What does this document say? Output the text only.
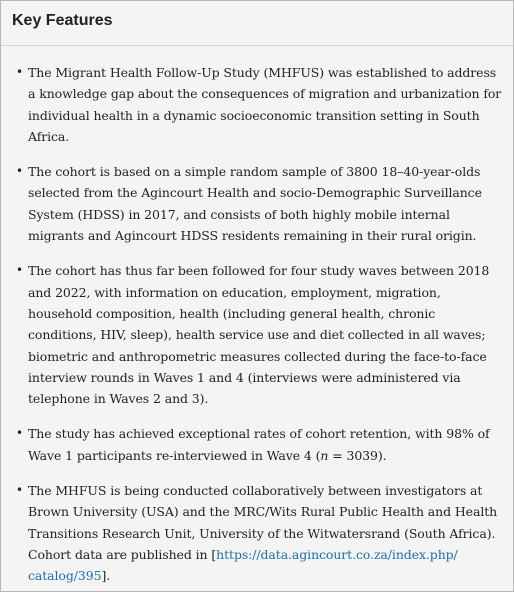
Key Features
• The Migrant Health Follow-Up Study (MHFUS) was established to address a knowledge gap about the consequences of migration and urbanization for individual health in a dynamic socioeconomic transition setting in South Africa.
• The cohort is based on a simple random sample of 3800 18–40-year-olds selected from the Agincourt Health and socio-Demographic Surveillance System (HDSS) in 2017, and consists of both highly mobile internal migrants and Agincourt HDSS residents remaining in their rural origin.
• The cohort has thus far been followed for four study waves between 2018 and 2022, with information on education, employment, migration, household composition, health (including general health, chronic conditions, HIV, sleep), health service use and diet collected in all waves; biometric and anthropometric measures collected during the face-to-face interview rounds in Waves 1 and 4 (interviews were administered via telephone in Waves 2 and 3).
• The study has achieved exceptional rates of cohort retention, with 98% of Wave 1 participants re-interviewed in Wave 4 (n = 3039).
• The MHFUS is being conducted collaboratively between investigators at Brown University (USA) and the MRC/Wits Rural Public Health and Health Transitions Research Unit, University of the Witwatersrand (South Africa). Cohort data are published in [https://data.agincourt.co.za/index.php/catalog/395].
